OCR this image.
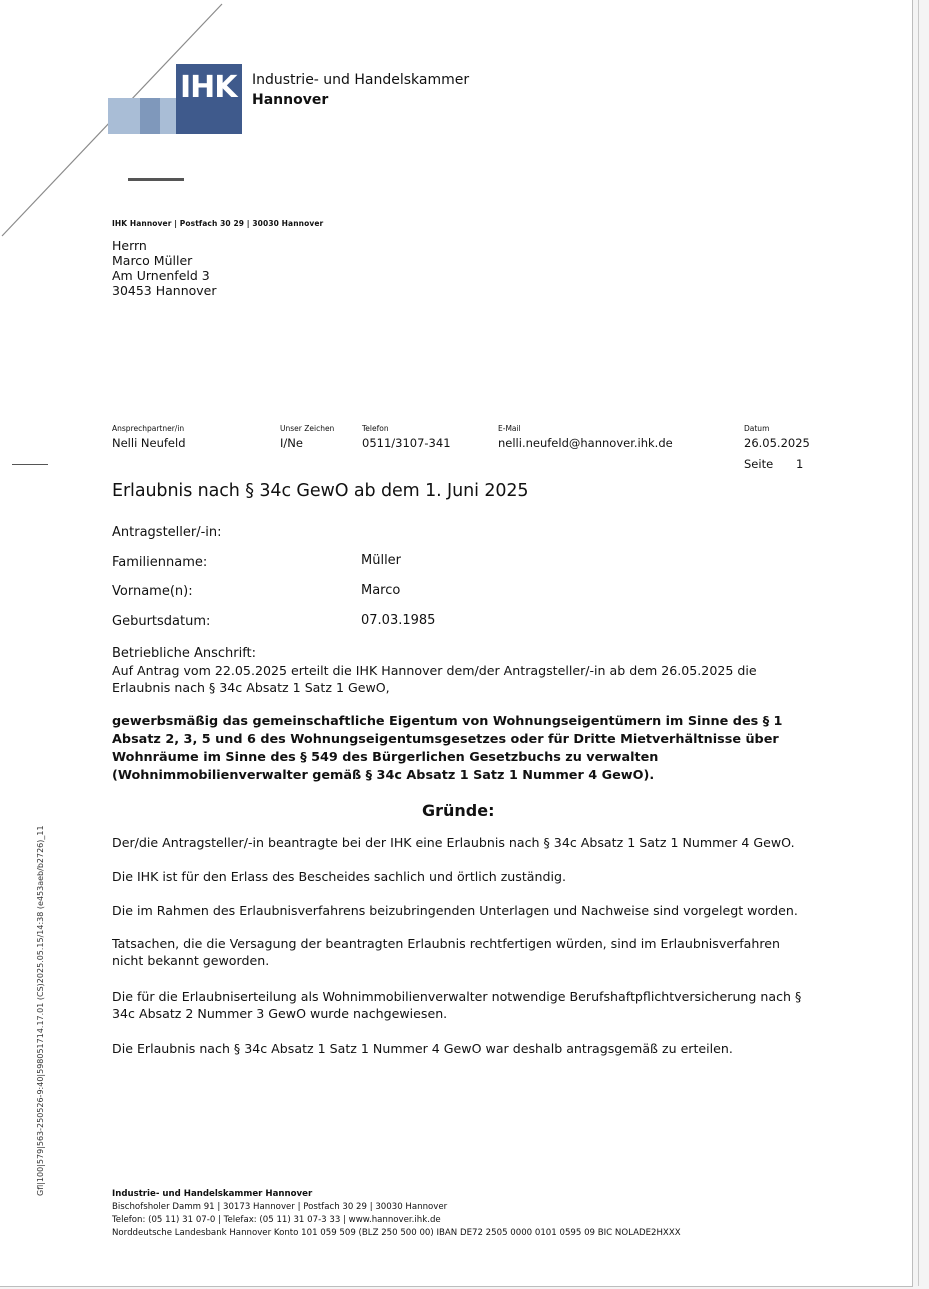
IHK Industrie- und Handelskammer
Hannover
IHK Hannover | Postfach 30 29 | 30030 Hannover
Herrn
Marco Müller
Am Urnenfeld 3
30453 Hannover
Ansprechpartner/in
Nelli Neufeld
Unser Zeichen
I/Ne
Telefon
0511/3107-341
E-Mail
nelli.neufeld@hannover.ihk.de
Datum
26.05.2025
Seite 1
Erlaubnis nach § 34c GewO ab dem 1. Juni 2025
Antragsteller/-in:
Familienname:	Müller
Vorname(n):	Marco
Geburtsdatum:	07.03.1985
Betriebliche Anschrift:
Auf Antrag vom 22.05.2025 erteilt die IHK Hannover dem/der Antragsteller/-in ab dem 26.05.2025 die Erlaubnis nach § 34c Absatz 1 Satz 1 GewO,
gewerbsmäßig das gemeinschaftliche Eigentum von Wohnungseigentümern im Sinne des § 1 Absatz 2, 3, 5 und 6 des Wohnungseigentumsgesetzes oder für Dritte Mietverhältnisse über Wohnräume im Sinne des § 549 des Bürgerlichen Gesetzbuchs zu verwalten (Wohnimmobilienverwalter gemäß § 34c Absatz 1 Satz 1 Nummer 4 GewO).
Gründe:
Der/die Antragsteller/-in beantragte bei der IHK eine Erlaubnis nach § 34c Absatz 1 Satz 1 Nummer 4 GewO.
Die IHK ist für den Erlass des Bescheides sachlich und örtlich zuständig.
Die im Rahmen des Erlaubnisverfahrens beizubringenden Unterlagen und Nachweise sind vorgelegt worden.
Tatsachen, die die Versagung der beantragten Erlaubnis rechtfertigen würden, sind im Erlaubnisverfahren nicht bekannt geworden.
Die für die Erlaubniserteilung als Wohnimmobilienverwalter notwendige Berufshaftpflichtversicherung nach § 34c Absatz 2 Nummer 3 GewO wurde nachgewiesen.
Die Erlaubnis nach § 34c Absatz 1 Satz 1 Nummer 4 GewO war deshalb antragsgemäß zu erteilen.
Industrie- und Handelskammer Hannover
Bischofsholer Damm 91 | 30173 Hannover | Postfach 30 29 | 30030 Hannover
Telefon: (05 11) 31 07-0 | Telefax: (05 11) 31 07-3 33 | www.hannover.ihk.de
Norddeutsche Landesbank Hannover Konto 101 059 509 (BLZ 250 500 00) IBAN DE72 2505 0000 0101 0595 09 BIC NOLADE2HXXX
Gfl|100|579|563-250526-9:40|598051714.17.01 (CS)2025.05.15/14:38 (e453aeb/b2726)_11
